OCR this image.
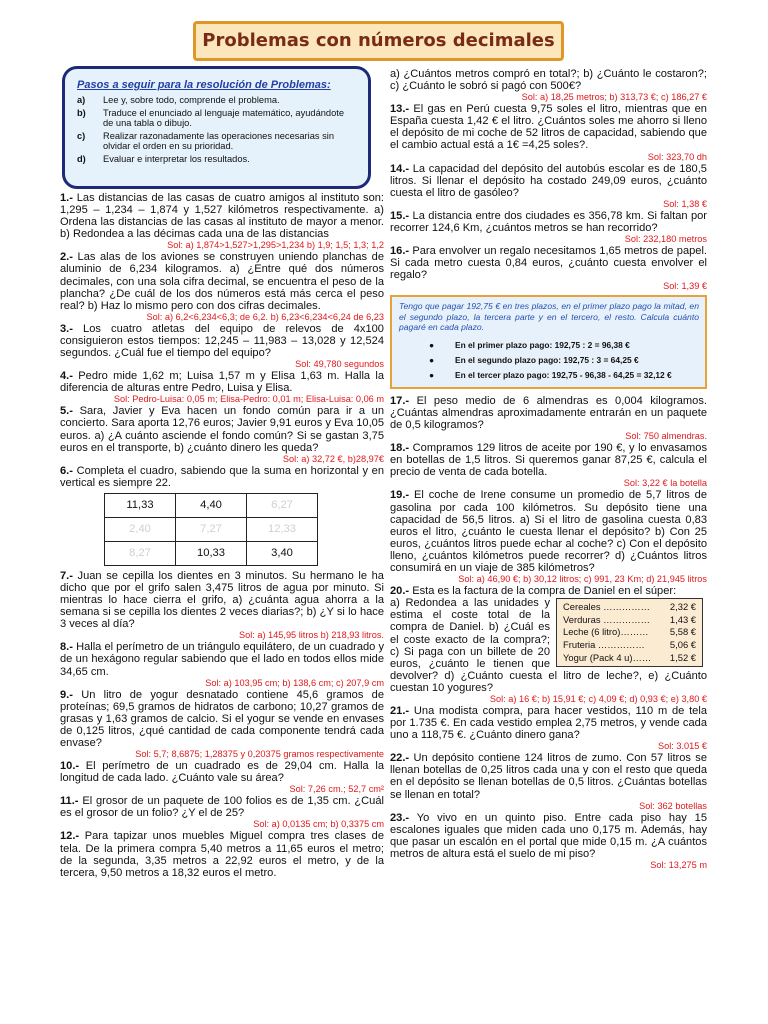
Problemas con números decimales
Pasos a seguir para la resolución de Problemas:
a)	Lee y, sobre todo, comprende el problema.
b)	Traduce el enunciado al lenguaje matemático, ayudándote de una tabla o dibujo.
c)	Realizar razonadamente las operaciones necesarias sin olvidar el orden en su prioridad.
d)	Evaluar e interpretar los resultados.
1.- Las distancias de las casas de cuatro amigos al instituto son: 1,295 – 1,234 – 1,874 y 1,527 kilómetros respectivamente. a) Ordena las distancias de las casas al instituto de mayor a menor. b) Redondea a las décimas cada una de las distancias
Sol: a) 1,874>1,527>1,295>1,234 b) 1,9; 1,5; 1,3; 1,2
2.- Las alas de los aviones se construyen uniendo planchas de aluminio de 6,234 kilogramos. a) ¿Entre qué dos números decimales, con una sola cifra decimal, se encuentra el peso de la plancha? ¿De cuál de los dos números está más cerca el peso real? b) Haz lo mismo pero con dos cifras decimales.
Sol: a) 6,2<6,234<6,3; de 6,2. b) 6,23<6,234<6,24 de 6,23
3.- Los cuatro atletas del equipo de relevos de 4x100 consiguieron estos tiempos: 12,245 – 11,983 – 13,028 y 12,524 segundos. ¿Cuál fue el tiempo del equipo?
Sol: 49,780 segundos
4.- Pedro mide 1,62 m; Luisa 1,57 m y Elisa 1,63 m. Halla la diferencia de alturas entre Pedro, Luisa y Elisa.
Sol: Pedro-Luisa: 0,05 m; Elisa-Pedro: 0,01 m; Elisa-Luisa: 0,06 m
5.- Sara, Javier y Eva hacen un fondo común para ir a un concierto. Sara aporta 12,76 euros; Javier 9,91 euros y Eva 10,05 euros. a) ¿A cuánto asciende el fondo común? Si se gastan 3,75 euros en el transporte, b) ¿cuánto dinero les queda?
Sol: a) 32,72 €, b)28,97€
6.- Completa el cuadro, sabiendo que la suma en horizontal y en vertical es siempre 22.
11,33	4,40	6,27
2,40	7,27	12,33
8,27	10,33	3,40
7.- Juan se cepilla los dientes en 3 minutos. Su hermano le ha dicho que por el grifo salen 3,475 litros de agua por minuto. Si mientras lo hace cierra el grifo, a) ¿cuánta agua ahorra a la semana si se cepilla los dientes 2 veces diarias?; b) ¿Y si lo hace 3 veces al día?
Sol: a) 145,95 litros b) 218,93 litros.
8.- Halla el perímetro de un triángulo equilátero, de un cuadrado y de un hexágono regular sabiendo que el lado en todos ellos mide 34,65 cm.
Sol: a) 103,95 cm; b) 138,6 cm; c) 207,9 cm
9.- Un litro de yogur desnatado contiene 45,6 gramos de proteínas; 69,5 gramos de hidratos de carbono; 10,27 gramos de grasas y 1,63 gramos de calcio. Si el yogur se vende en envases de 0,125 litros, ¿qué cantidad de cada componente tendrá cada envase?
Sol: 5,7; 8,6875; 1,28375 y 0,20375 gramos respectivamente
10.- El perímetro de un cuadrado es de 29,04 cm. Halla la longitud de cada lado. ¿Cuánto vale su área?
Sol: 7,26 cm.; 52,7 cm²
11.- El grosor de un paquete de 100 folios es de 1,35 cm. ¿Cuál es el grosor de un folio? ¿Y el de 25?
Sol: a) 0,0135 cm; b) 0,3375 cm
12.- Para tapizar unos muebles Miguel compra tres clases de tela. De la primera compra 5,40 metros a 11,65 euros el metro; de la segunda, 3,35 metros a 22,92 euros el metro, y de la tercera, 9,50 metros a 18,32 euros el metro.
a) ¿Cuántos metros compró en total?; b) ¿Cuánto le costaron?; c) ¿Cuánto le sobró si pagó con 500€?
Sol: a) 18,25 metros; b) 313,73 €; c) 186,27 €
13.- El gas en Perú cuesta 9,75 soles el litro, mientras que en España cuesta 1,42 € el litro. ¿Cuántos soles me ahorro si lleno el depósito de mi coche de 52 litros de capacidad, sabiendo que el cambio actual está a 1€ =4,25 soles?.
Sol: 323,70 dh
14.- La capacidad del depósito del autobús escolar es de 180,5 litros. Si llenar el depósito ha costado 249,09 euros, ¿cuánto cuesta el litro de gasóleo?
Sol: 1,38 €
15.- La distancia entre dos ciudades es 356,78 km. Si faltan por recorrer 124,6 Km, ¿cuántos metros se han recorrido?
Sol: 232,180 metros
16.- Para envolver un regalo necesitamos 1,65 metros de papel. Si cada metro cuesta 0,84 euros, ¿cuánto cuesta envolver el regalo?
Sol: 1,39 €
Tengo que pagar 192,75 € en tres plazos, en el primer plazo pago la mitad, en el segundo plazo, la tercera parte y en el tercero, el resto. Calcula cuánto pagaré en cada plazo.
●	En el primer plazo pago: 192,75 : 2 = 96,38 €
●	En el segundo plazo pago: 192,75 : 3 = 64,25 €
●	En el tercer plazo pago: 192,75 - 96,38 - 64,25 = 32,12 €
17.- El peso medio de 6 almendras es 0,004 kilogramos. ¿Cuántas almendras aproximadamente entrarán en un paquete de 0,5 kilogramos?
Sol: 750 almendras.
18.- Compramos 129 litros de aceite por 190 €, y lo envasamos en botellas de 1,5 litros. Si queremos ganar 87,25 €, calcula el precio de venta de cada botella.
Sol: 3,22 € la botella
19.- El coche de Irene consume un promedio de 5,7 litros de gasolina por cada 100 kilómetros. Su depósito tiene una capacidad de 56,5 litros. a) Si el litro de gasolina cuesta 0,83 euros el litro, ¿cuánto le cuesta llenar el depósito? b) Con 25 euros, ¿cuántos litros puede echar al coche? c) Con el depósito lleno, ¿cuántos kilómetros puede recorrer? d) ¿Cuántos litros consumirá en un viaje de 385 kilómetros?
Sol: a) 46,90 €; b) 30,12 litros; c) 991, 23 Km; d) 21,945 litros
20.- Esta es la factura de la compra de Daniel en el súper:
Cereales …………… 2,32 €
Verduras …………… 1,43 €
Leche (6 litro)……… 5,58 €
Fruteria ……………	5,06 €
Yogur (Pack 4 u)…… 1,52 €
a) Redondea a las unidades y estima el coste total de la compra de Daniel. b) ¿Cuál es el coste exacto de la compra?; c) Si paga con un billete de 20 euros, ¿cuánto le tienen que devolver? d) ¿Cuánto cuesta el litro de leche?, e) ¿Cuánto cuestan 10 yogures?
Sol: a) 16 €; b) 15,91 €; c) 4,09 €; d) 0,93 €; e) 3,80 €
21.- Una modista compra, para hacer vestidos, 110 m de tela por 1.735 €. En cada vestido emplea 2,75 metros, y vende cada uno a 118,75 €. ¿Cuánto dinero gana?
Sol: 3.015 €
22.- Un depósito contiene 124 litros de zumo. Con 57 litros se llenan botellas de 0,25 litros cada una y con el resto que queda en el depósito se llenan botellas de 0,5 litros. ¿Cuántas botellas se llenan en total?
Sol: 362 botellas
23.- Yo vivo en un quinto piso. Entre cada piso hay 15 escalones iguales que miden cada uno 0,175 m. Además, hay que pasar un escalón en el portal que mide 0,15 m. ¿A cuántos metros de altura está el suelo de mi piso?
Sol: 13,275 m
